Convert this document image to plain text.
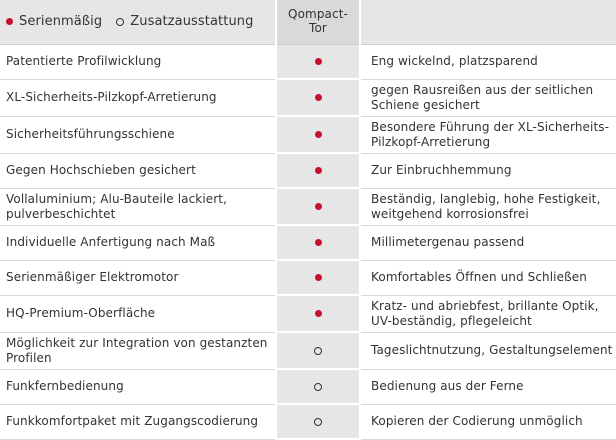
Serienmäßig Zusatzausstattung	Qompact-
Tor	
Patentierte Profilwicklung		Eng wickelnd, platzsparend
XL-Sicherheits-Pilzkopf-Arretierung		gegen Rausreißen aus der seitlichen Schiene gesichert
Sicherheitsführungsschiene		Besondere Führung der XL-Sicherheits-Pilzkopf-Arretierung
Gegen Hochschieben gesichert		Zur Einbruchhemmung
Vollaluminium; Alu-Bauteile lackiert, pulverbeschichtet		Beständig, langlebig, hohe Festigkeit, weitgehend korrosionsfrei
Individuelle Anfertigung nach Maß		Millimetergenau passend
Serienmäßiger Elektromotor		Komfortables Öffnen und Schließen
HQ-Premium-Oberfläche		Kratz- und abriebfest, brillante Optik, UV-beständig, pflegeleicht
Möglichkeit zur Integration von gestanzten Profilen		Tageslichtnutzung, Gestaltungselement
Funkfernbedienung		Bedienung aus der Ferne
Funkkomfortpaket mit Zugangscodierung		Kopieren der Codierung unmöglich
